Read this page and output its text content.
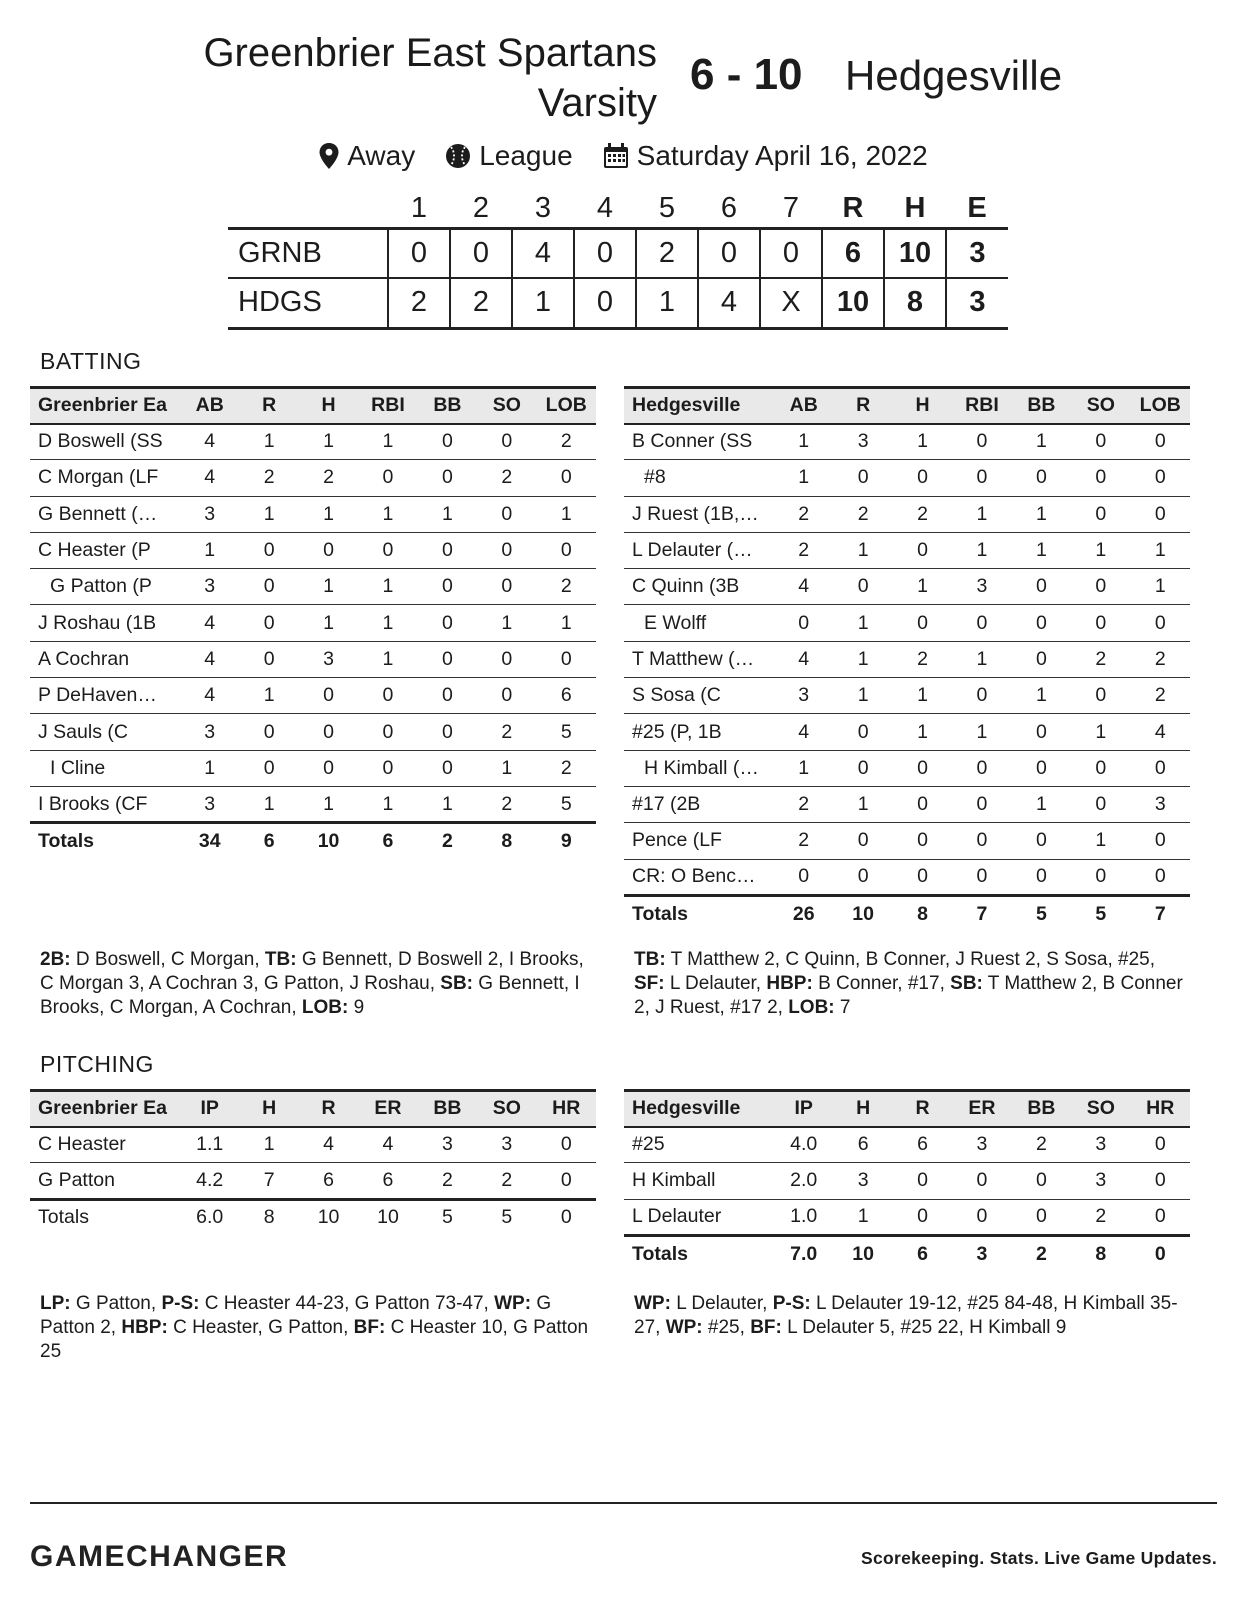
Greenbrier East Spartans Varsity
6 - 10 Hedgesville
Away League Saturday April 16, 2022
	1	2	3	4	5	6	7	R	H	E
GRNB	0	0	4	0	2	0	0	6	10	3
HDGS	2	2	1	0	1	4	X	10	8	3
BATTING
Greenbrier Ea	AB	R	H	RBI	BB	SO	LOB
D Boswell (SS	4	1	1	1	0	0	2
C Morgan (LF	4	2	2	0	0	2	0
G Bennett (…	3	1	1	1	1	0	1
C Heaster (P	1	0	0	0	0	0	0
G Patton (P	3	0	1	1	0	0	2
J Roshau (1B	4	0	1	1	0	1	1
A Cochran	4	0	3	1	0	0	0
P DeHaven…	4	1	0	0	0	0	6
J Sauls (C	3	0	0	0	0	2	5
I Cline	1	0	0	0	0	1	2
I Brooks (CF	3	1	1	1	1	2	5
Totals	34	6	10	6	2	8	9
Hedgesville	AB	R	H	RBI	BB	SO	LOB
B Conner (SS	1	3	1	0	1	0	0
#8	1	0	0	0	0	0	0
J Ruest (1B,…	2	2	2	1	1	0	0
L Delauter (…	2	1	0	1	1	1	1
C Quinn (3B	4	0	1	3	0	0	1
E Wolff	0	1	0	0	0	0	0
T Matthew (…	4	1	2	1	0	2	2
S Sosa (C	3	1	1	0	1	0	2
#25 (P, 1B	4	0	1	1	0	1	4
H Kimball (…	1	0	0	0	0	0	0
#17 (2B	2	1	0	0	1	0	3
Pence (LF	2	0	0	0	0	1	0
CR: O Benc…	0	0	0	0	0	0	0
Totals	26	10	8	7	5	5	7
2B: D Boswell, C Morgan, TB: G Bennett, D Boswell 2, I Brooks, C Morgan 3, A Cochran 3, G Patton, J Roshau, SB: G Bennett, I Brooks, C Morgan, A Cochran, LOB: 9
TB: T Matthew 2, C Quinn, B Conner, J Ruest 2, S Sosa, #25, SF: L Delauter, HBP: B Conner, #17, SB: T Matthew 2, B Conner 2, J Ruest, #17 2, LOB: 7
PITCHING
Greenbrier Ea	IP	H	R	ER	BB	SO	HR
C Heaster	1.1	1	4	4	3	3	0
G Patton	4.2	7	6	6	2	2	0
Totals	6.0	8	10	10	5	5	0
Hedgesville	IP	H	R	ER	BB	SO	HR
#25	4.0	6	6	3	2	3	0
H Kimball	2.0	3	0	0	0	3	0
L Delauter	1.0	1	0	0	0	2	0
Totals	7.0	10	6	3	2	8	0
LP: G Patton, P-S: C Heaster 44-23, G Patton 73-47, WP: G Patton 2, HBP: C Heaster, G Patton, BF: C Heaster 10, G Patton 25
WP: L Delauter, P-S: L Delauter 19-12, #25 84-48, H Kimball 35-27, WP: #25, BF: L Delauter 5, #25 22, H Kimball 9
GAMECHANGER	Scorekeeping. Stats. Live Game Updates.
